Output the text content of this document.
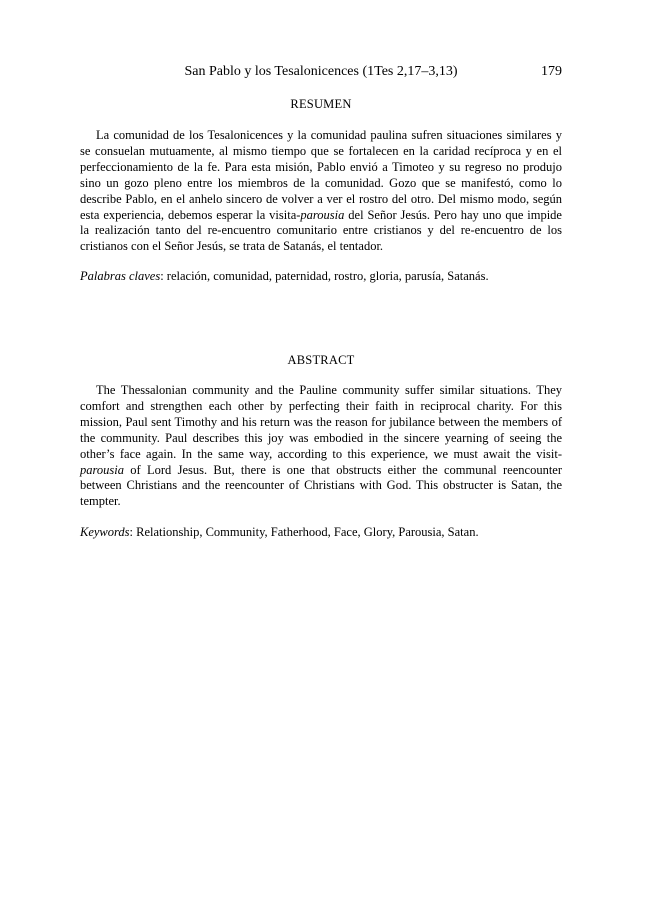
San Pablo y los Tesalonicences (1Tes 2,17–3,13)	179
RESUMEN

La comunidad de los Tesalonicences y la comunidad paulina sufren situaciones similares y se consuelan mutuamente, al mismo tiempo que se fortalecen en la caridad recíproca y en el perfeccionamiento de la fe. Para esta misión, Pablo envió a Timoteo y su regreso no produjo sino un gozo pleno entre los miembros de la comunidad. Gozo que se manifestó, como lo describe Pablo, en el anhelo sincero de volver a ver el rostro del otro. Del mismo modo, según esta experiencia, debemos esperar la visita-parousia del Señor Jesús. Pero hay uno que impide la realización tanto del re-encuentro comunitario entre cristianos y del re-encuentro de los cristianos con el Señor Jesús, se trata de Satanás, el tentador.

Palabras claves: relación, comunidad, paternidad, rostro, gloria, parusía, Satanás.

ABSTRACT

The Thessalonian community and the Pauline community suffer similar situations. They comfort and strengthen each other by perfecting their faith in reciprocal charity. For this mission, Paul sent Timothy and his return was the reason for jubilance between the members of the community. Paul describes this joy was embodied in the sincere yearning of seeing the other’s face again. In the same way, according to this experience, we must await the visit-parousia of Lord Jesus. But, there is one that obstructs either the communal reencounter between Christians and the reencounter of Christians with God. This obstructer is Satan, the tempter.

Keywords: Relationship, Community, Fatherhood, Face, Glory, Parousia, Satan.
